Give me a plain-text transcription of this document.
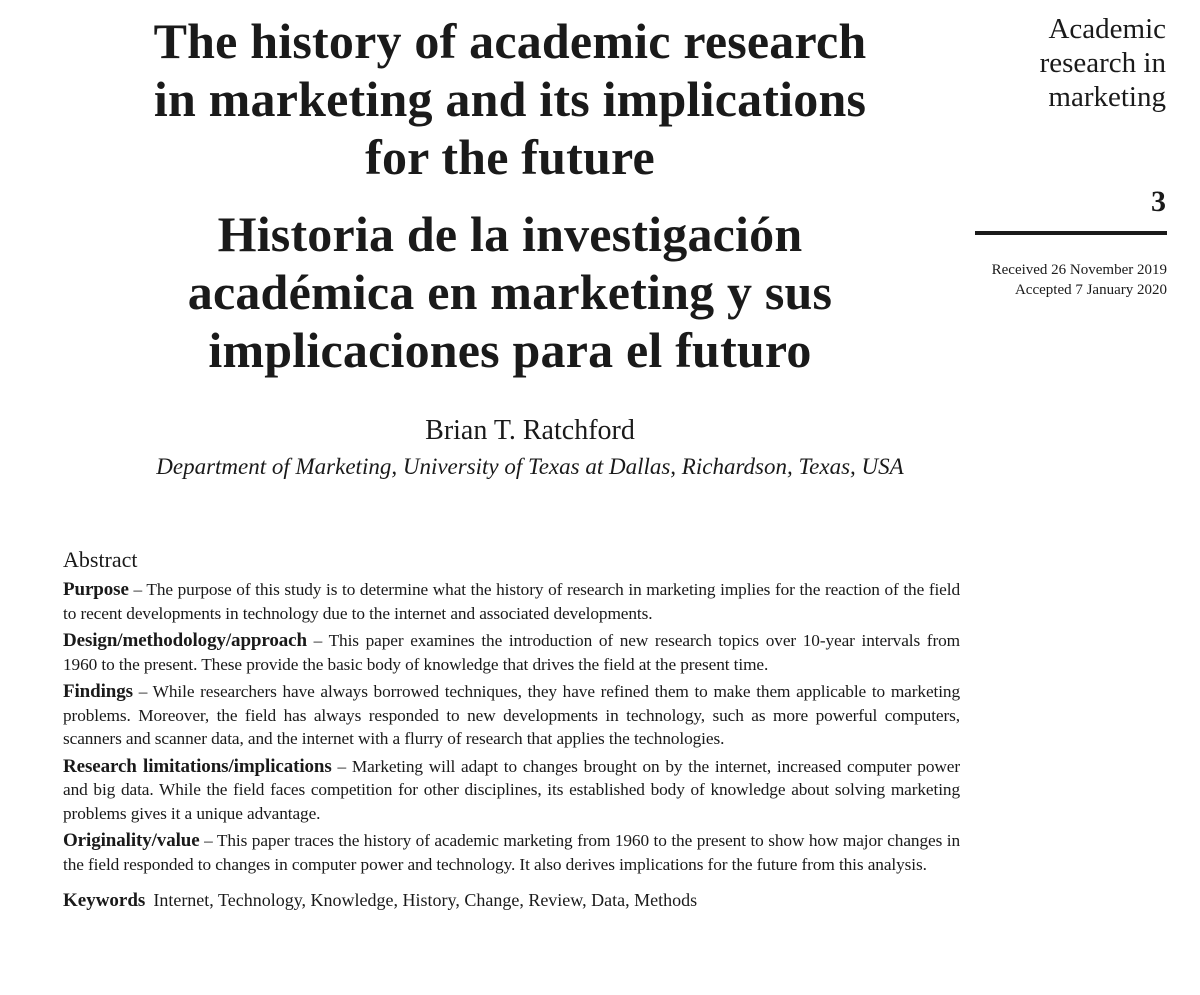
The history of academic research
in marketing and its implications
for the future
Historia de la investigación
académica en marketing y sus
implicaciones para el futuro
Academic
research in
marketing
3
Received 26 November 2019
Accepted 7 January 2020
Brian T. Ratchford
Department of Marketing, University of Texas at Dallas, Richardson, Texas, USA
Abstract

Purpose – The purpose of this study is to determine what the history of research in marketing implies for the reaction of the field to recent developments in technology due to the internet and associated developments.

Design/methodology/approach – This paper examines the introduction of new research topics over 10-year intervals from 1960 to the present. These provide the basic body of knowledge that drives the field at the present time.

Findings – While researchers have always borrowed techniques, they have refined them to make them applicable to marketing problems. Moreover, the field has always responded to new developments in technology, such as more powerful computers, scanners and scanner data, and the internet with a flurry of research that applies the technologies.

Research limitations/implications – Marketing will adapt to changes brought on by the internet, increased computer power and big data. While the field faces competition for other disciplines, its established body of knowledge about solving marketing problems gives it a unique advantage.

Originality/value – This paper traces the history of academic marketing from 1960 to the present to show how major changes in the field responded to changes in computer power and technology. It also derives implications for the future from this analysis.

Keywords Internet, Technology, Knowledge, History, Change, Review, Data, Methods
